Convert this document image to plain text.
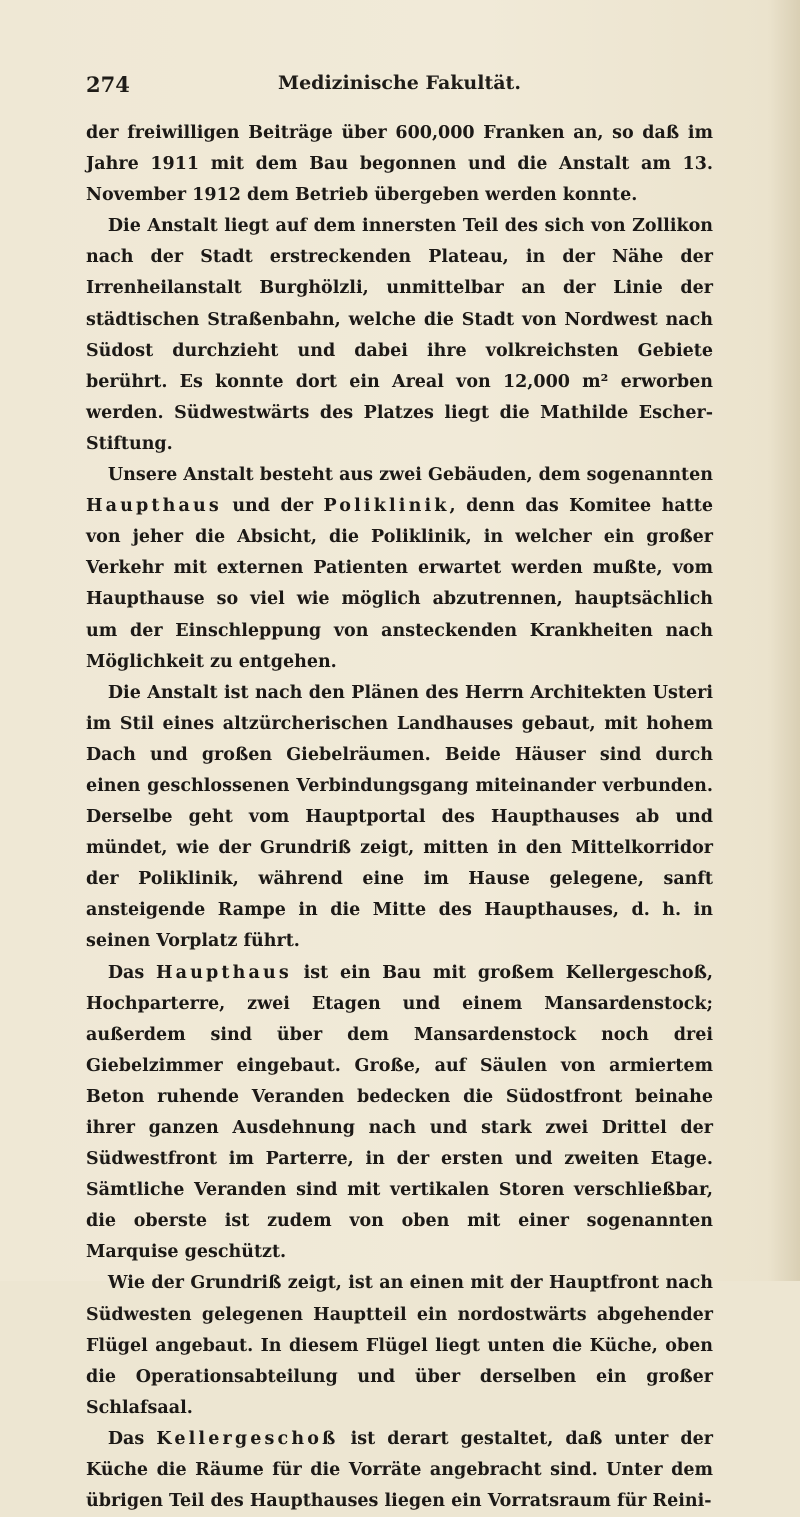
274	Medizinische Fakultät.

der freiwilligen Beiträge über 600,000 Franken an, so daß im Jahre 1911 mit dem Bau begonnen und die Anstalt am 13. November 1912 dem Betrieb übergeben werden konnte.

Die Anstalt liegt auf dem innersten Teil des sich von Zollikon nach der Stadt erstreckenden Plateau, in der Nähe der Irrenheilanstalt Burghölzli, unmittelbar an der Linie der städtischen Straßenbahn, welche die Stadt von Nordwest nach Südost durchzieht und dabei ihre volkreichsten Gebiete berührt. Es konnte dort ein Areal von 12,000 m² erworben werden. Südwestwärts des Platzes liegt die Mathilde Escher-Stiftung.

Unsere Anstalt besteht aus zwei Gebäuden, dem sogenannten Haupthaus und der Poliklinik, denn das Komitee hatte von jeher die Absicht, die Poliklinik, in welcher ein großer Verkehr mit externen Patienten erwartet werden mußte, vom Haupthause so viel wie möglich abzutrennen, hauptsächlich um der Einschleppung von ansteckenden Krankheiten nach Möglichkeit zu entgehen.

Die Anstalt ist nach den Plänen des Herrn Architekten Usteri im Stil eines altzürcherischen Landhauses gebaut, mit hohem Dach und großen Giebelräumen. Beide Häuser sind durch einen geschlossenen Verbindungsgang miteinander verbunden. Derselbe geht vom Hauptportal des Haupthauses ab und mündet, wie der Grundriß zeigt, mitten in den Mittelkorridor der Poliklinik, während eine im Hause gelegene, sanft ansteigende Rampe in die Mitte des Haupthauses, d. h. in seinen Vorplatz führt.

Das Haupthaus ist ein Bau mit großem Kellergeschoß, Hochparterre, zwei Etagen und einem Mansardenstock; außerdem sind über dem Mansardenstock noch drei Giebelzimmer eingebaut. Große, auf Säulen von armiertem Beton ruhende Veranden bedecken die Südostfront beinahe ihrer ganzen Ausdehnung nach und stark zwei Drittel der Südwestfront im Parterre, in der ersten und zweiten Etage. Sämtliche Veranden sind mit vertikalen Storen verschließbar, die oberste ist zudem von oben mit einer sogenannten Marquise geschützt.

Wie der Grundriß zeigt, ist an einen mit der Hauptfront nach Südwesten gelegenen Hauptteil ein nordostwärts abgehender Flügel angebaut. In diesem Flügel liegt unten die Küche, oben die Operationsabteilung und über derselben ein großer Schlafsaal.

Das Kellergeschoß ist derart gestaltet, daß unter der Küche die Räume für die Vorräte angebracht sind. Unter dem übrigen Teil des Haupthauses liegen ein Vorratsraum für Reini-
